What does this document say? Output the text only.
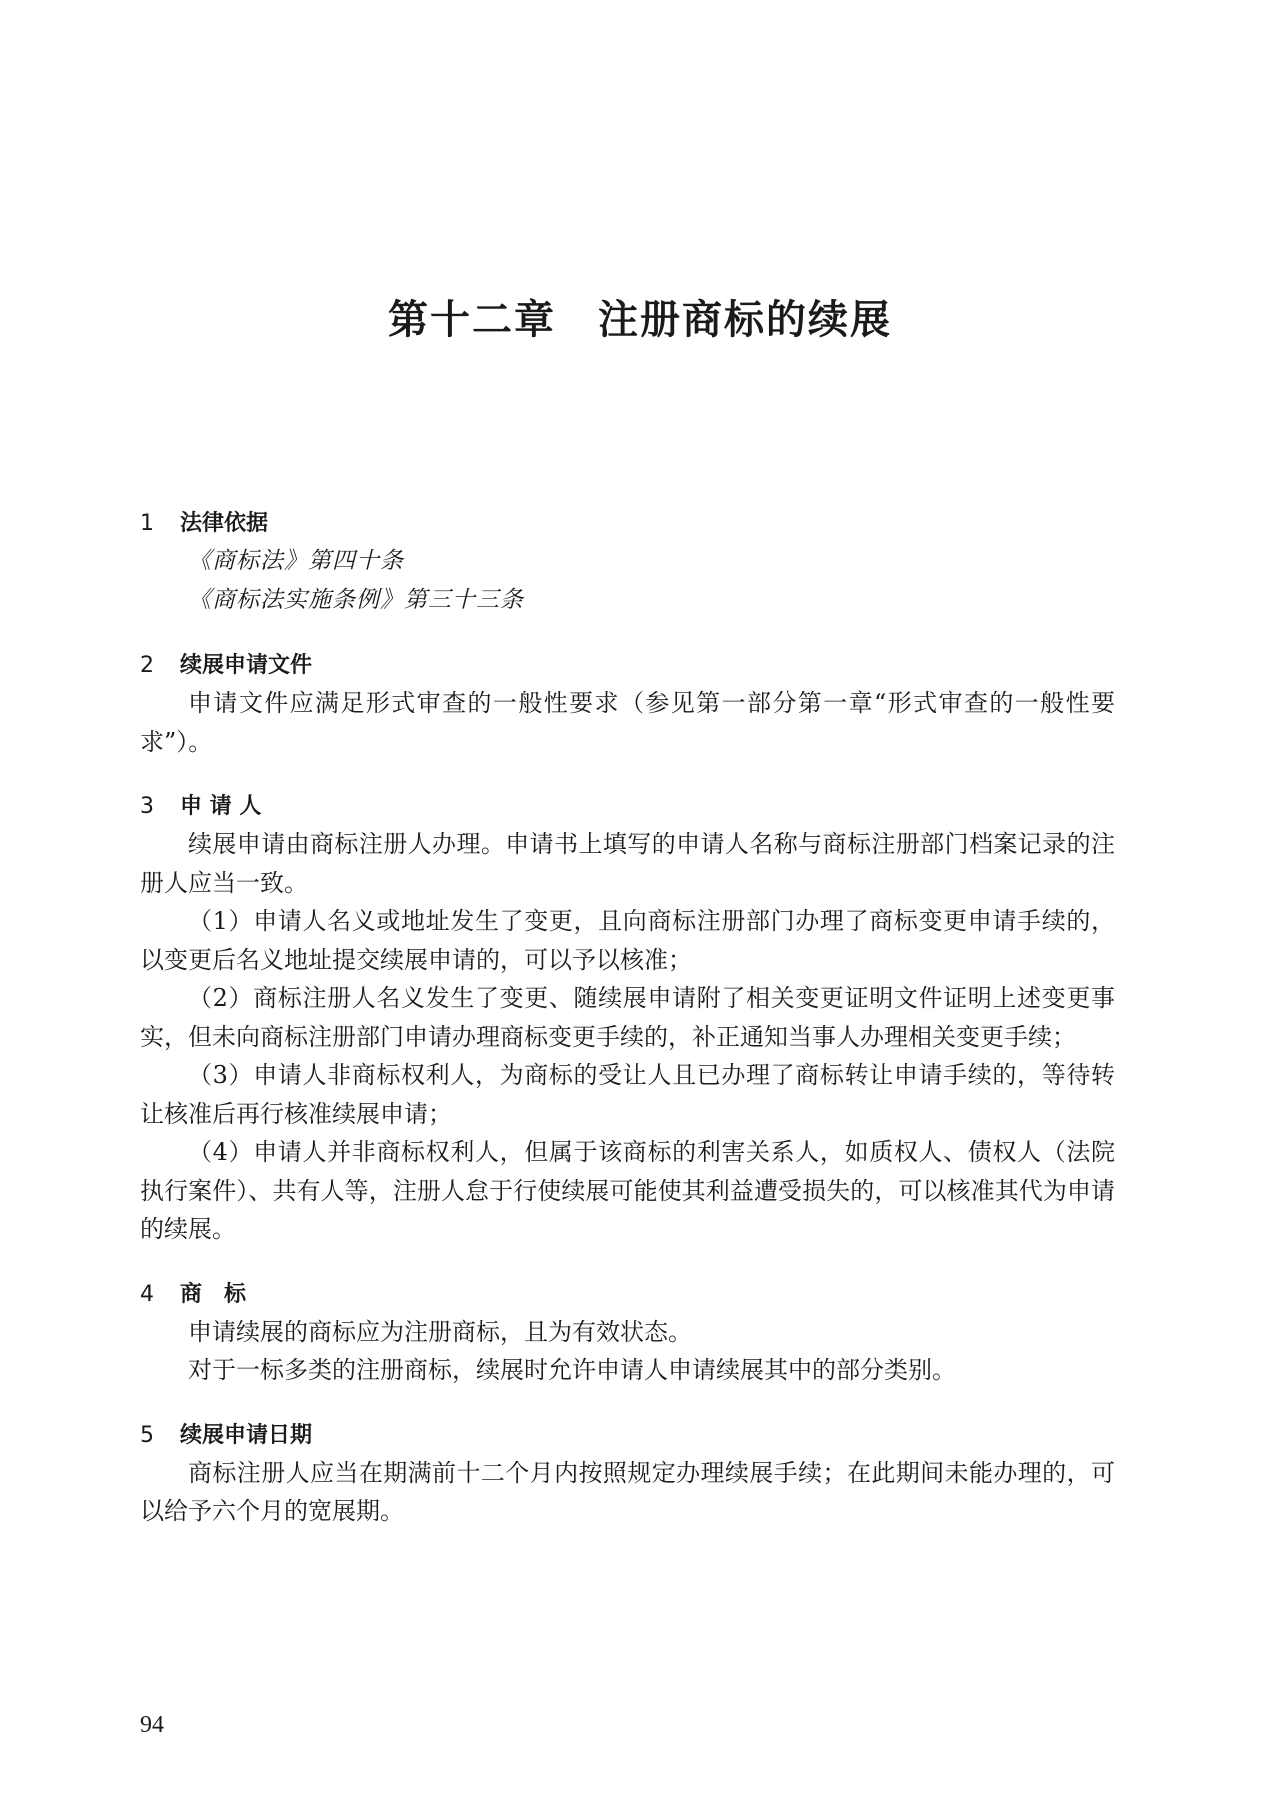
第十二章　注册商标的续展
1	法律依据

《商标法》第四十条

《商标法实施条例》第三十三条

2	续展申请文件

申请文件应满足形式审查的一般性要求（参见第一部分第一章“形式审查的一般性要求”）。

3	申 请 人

续展申请由商标注册人办理。申请书上填写的申请人名称与商标注册部门档案记录的注册人应当一致。

（1）申请人名义或地址发生了变更，且向商标注册部门办理了商标变更申请手续的，以变更后名义地址提交续展申请的，可以予以核准；

（2）商标注册人名义发生了变更、随续展申请附了相关变更证明文件证明上述变更事实，但未向商标注册部门申请办理商标变更手续的，补正通知当事人办理相关变更手续；

（3）申请人非商标权利人，为商标的受让人且已办理了商标转让申请手续的，等待转让核准后再行核准续展申请；

（4）申请人并非商标权利人，但属于该商标的利害关系人，如质权人、债权人（法院执行案件）、共有人等，注册人怠于行使续展可能使其利益遭受损失的，可以核准其代为申请的续展。

4	商　标

申请续展的商标应为注册商标，且为有效状态。

对于一标多类的注册商标，续展时允许申请人申请续展其中的部分类别。

5	续展申请日期

商标注册人应当在期满前十二个月内按照规定办理续展手续；在此期间未能办理的，可以给予六个月的宽展期。

94
